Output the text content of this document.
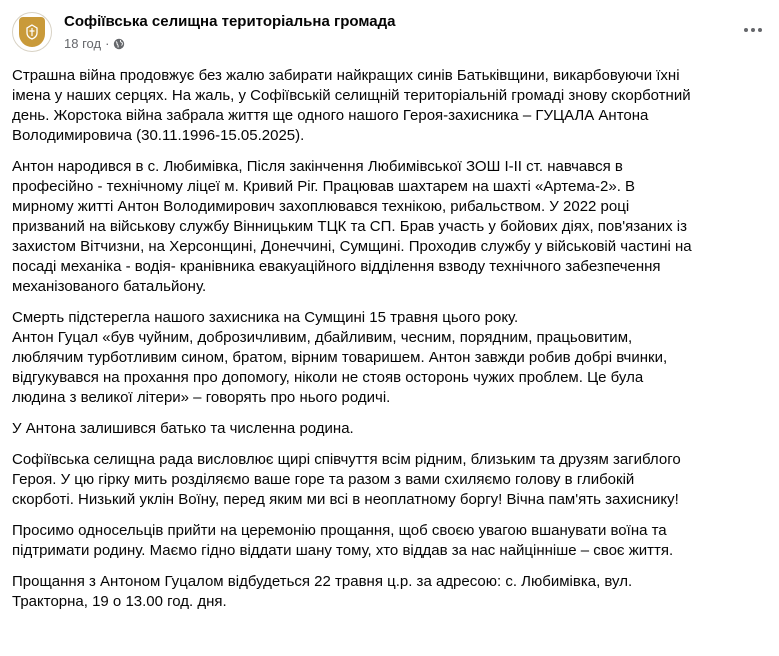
Софіївська селищна територіальна громада
18 год ·

Страшна війна продовжує без жалю забирати найкращих синів Батьківщини, викарбовуючи їхні
імена у наших серцях. На жаль, у Софіївській селищній територіальній громаді знову скорботний
день. Жорстока війна забрала життя ще одного нашого Героя-захисника – ГУЦАЛА Антона
Володимировича (30.11.1996-15.05.2025).

Антон народився в с. Любимівка, Після закінчення Любимівської ЗОШ І-ІІ ст. навчався в
професійно - технічному ліцеї м. Кривий Ріг. Працював шахтарем на шахті «Артема-2». В
мирному житті Антон Володимирович захоплювався технікою, рибальством. У 2022 році
призваний на військову службу Вінницьким ТЦК та СП. Брав участь у бойових діях, пов'язаних із
захистом Вітчизни, на Херсонщині, Донеччині, Сумщині. Проходив службу у військовій частині на
посаді механіка - водія- кранівника евакуаційного відділення взводу технічного забезпечення
механізованого батальйону.

Смерть підстерегла нашого захисника на Сумщині 15 травня цього року.
Антон Гуцал «був чуйним, доброзичливим, дбайливим, чесним, порядним, працьовитим,
люблячим турботливим сином, братом, вірним товаришем. Антон завжди робив добрі вчинки,
відгукувався на прохання про допомогу, ніколи не стояв осторонь чужих проблем. Це була
людина з великої літери» – говорять про нього родичі.

У Антона залишився батько та численна родина.

Софіївська селищна рада висловлює щирі співчуття всім рідним, близьким та друзям загиблого
Героя. У цю гірку мить розділяємо ваше горе та разом з вами схиляємо голову в глибокій
скорботі. Низький уклін Воїну, перед яким ми всі в неоплатному боргу! Вічна пам'ять захиснику!

Просимо односельців прийти на церемонію прощання, щоб своєю увагою вшанувати воїна та
підтримати родину. Маємо гідно віддати шану тому, хто віддав за нас найцінніше – своє життя.

Прощання з Антоном Гуцалом відбудеться 22 травня ц.р. за адресою: с. Любимівка, вул.
Тракторна, 19 о 13.00 год. дня.
